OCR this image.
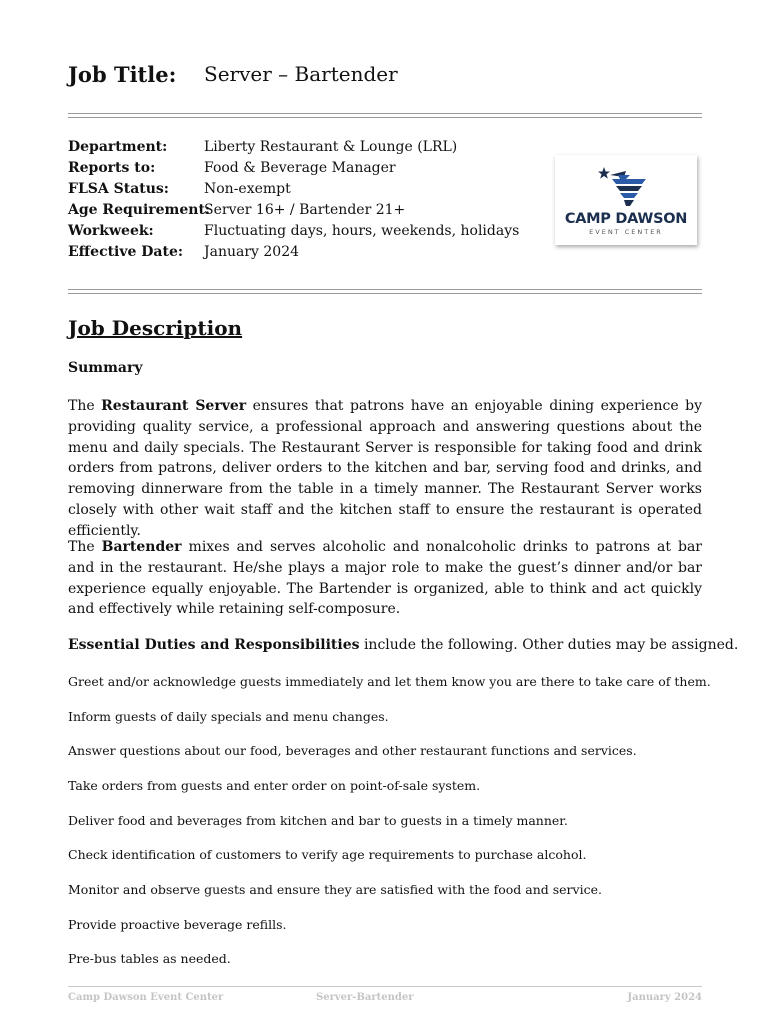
Job Title: Server – Bartender
Department:	Liberty Restaurant & Lounge (LRL)
Reports to:	Food & Beverage Manager
FLSA Status:	Non-exempt
Age Requirement:
Server 16+ / Bartender 21+
Workweek:	Fluctuating days, hours, weekends, holidays
Effective Date: January 2024
CAMP DAWSON
EVENT CENTER
Job Description
Summary
The Restaurant Server ensures that patrons have an enjoyable dining experience by providing quality service, a professional approach and answering questions about the menu and daily specials. The Restaurant Server is responsible for taking food and drink orders from patrons, deliver orders to the kitchen and bar, serving food and drinks, and removing dinnerware from the table in a timely manner. The Restaurant Server works closely with other wait staff and the kitchen staff to ensure the restaurant is operated efficiently.
The Bartender mixes and serves alcoholic and nonalcoholic drinks to patrons at bar and in the restaurant. He/she plays a major role to make the guest’s dinner and/or bar experience equally enjoyable. The Bartender is organized, able to think and act quickly and effectively while retaining self-composure.
Essential Duties and Responsibilities include the following. Other duties may be assigned.
Greet and/or acknowledge guests immediately and let them know you are there to take care of them.
Inform guests of daily specials and menu changes.
Answer questions about our food, beverages and other restaurant functions and services.
Take orders from guests and enter order on point-of-sale system.
Deliver food and beverages from kitchen and bar to guests in a timely manner.
Check identification of customers to verify age requirements to purchase alcohol.
Monitor and observe guests and ensure they are satisfied with the food and service.
Provide proactive beverage refills.
Pre-bus tables as needed.
Camp Dawson Event Center	Server-Bartender	January 2024
